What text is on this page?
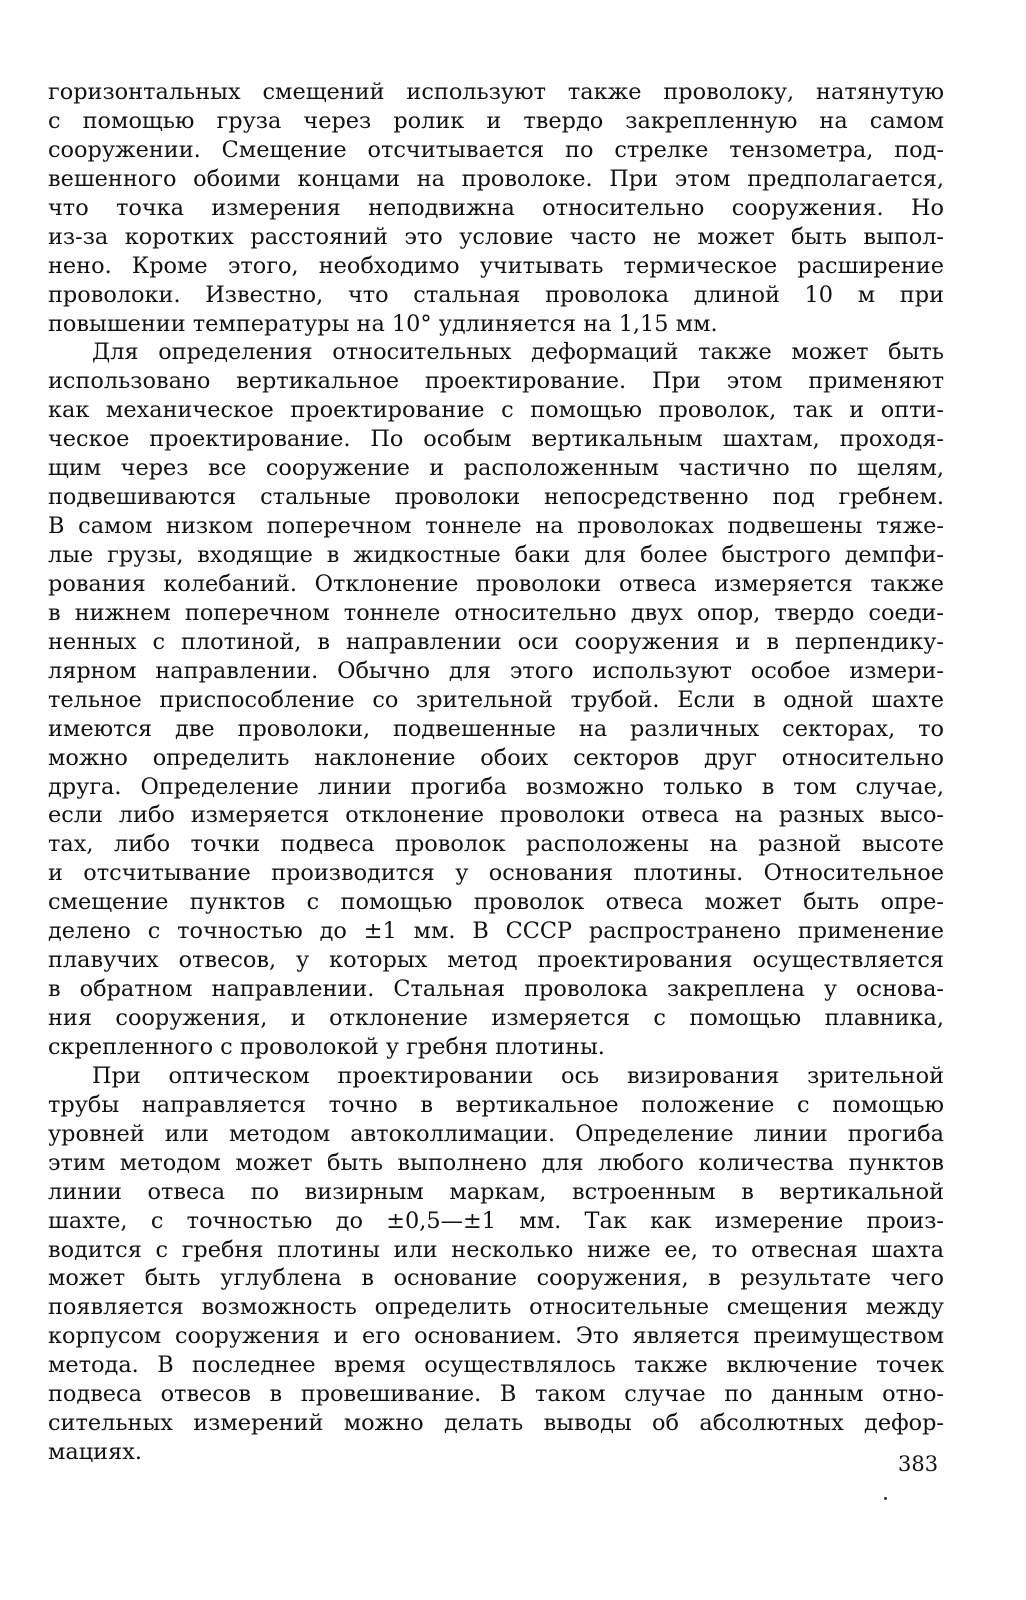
горизонтальных смещений используют также проволоку, натянутую
с помощью груза через ролик и твердо закрепленную на самом
сооружении. Смещение отсчитывается по стрелке тензометра, под-
вешенного обоими концами на проволоке. При этом предполагается,
что точка измерения неподвижна относительно сооружения. Но
из-за коротких расстояний это условие часто не может быть выпол-
нено. Кроме этого, необходимо учитывать термическое расширение
проволоки. Известно, что стальная проволока длиной 10 м при
повышении температуры на 10° удлиняется на 1,15 мм.
Для определения относительных деформаций также может быть
использовано вертикальное проектирование. При этом применяют
как механическое проектирование с помощью проволок, так и опти-
ческое проектирование. По особым вертикальным шахтам, проходя-
щим через все сооружение и расположенным частично по щелям,
подвешиваются стальные проволоки непосредственно под гребнем.
В самом низком поперечном тоннеле на проволоках подвешены тяже-
лые грузы, входящие в жидкостные баки для более быстрого демпфи-
рования колебаний. Отклонение проволоки отвеса измеряется также
в нижнем поперечном тоннеле относительно двух опор, твердо соеди-
ненных с плотиной, в направлении оси сооружения и в перпендику-
лярном направлении. Обычно для этого используют особое измери-
тельное приспособление со зрительной трубой. Если в одной шахте
имеются две проволоки, подвешенные на различных секторах, то
можно определить наклонение обоих секторов друг относительно
друга. Определение линии прогиба возможно только в том случае,
если либо измеряется отклонение проволоки отвеса на разных высо-
тах, либо точки подвеса проволок расположены на разной высоте
и отсчитывание производится у основания плотины. Относительное
смещение пунктов с помощью проволок отвеса может быть опре-
делено с точностью до ±1 мм. В СССР распространено применение
плавучих отвесов, у которых метод проектирования осуществляется
в обратном направлении. Стальная проволока закреплена у основа-
ния сооружения, и отклонение измеряется с помощью плавника,
скрепленного с проволокой у гребня плотины.
При оптическом проектировании ось визирования зрительной
трубы направляется точно в вертикальное положение с помощью
уровней или методом автоколлимации. Определение линии прогиба
этим методом может быть выполнено для любого количества пунктов
линии отвеса по визирным маркам, встроенным в вертикальной
шахте, с точностью до ±0,5—±1 мм. Так как измерение произ-
водится с гребня плотины или несколько ниже ее, то отвесная шахта
может быть углублена в основание сооружения, в результате чего
появляется возможность определить относительные смещения между
корпусом сооружения и его основанием. Это является преимуществом
метода. В последнее время осуществлялось также включение точек
подвеса отвесов в провешивание. В таком случае по данным отно-
сительных измерений можно делать выводы об абсолютных дефор-
мациях.	383
